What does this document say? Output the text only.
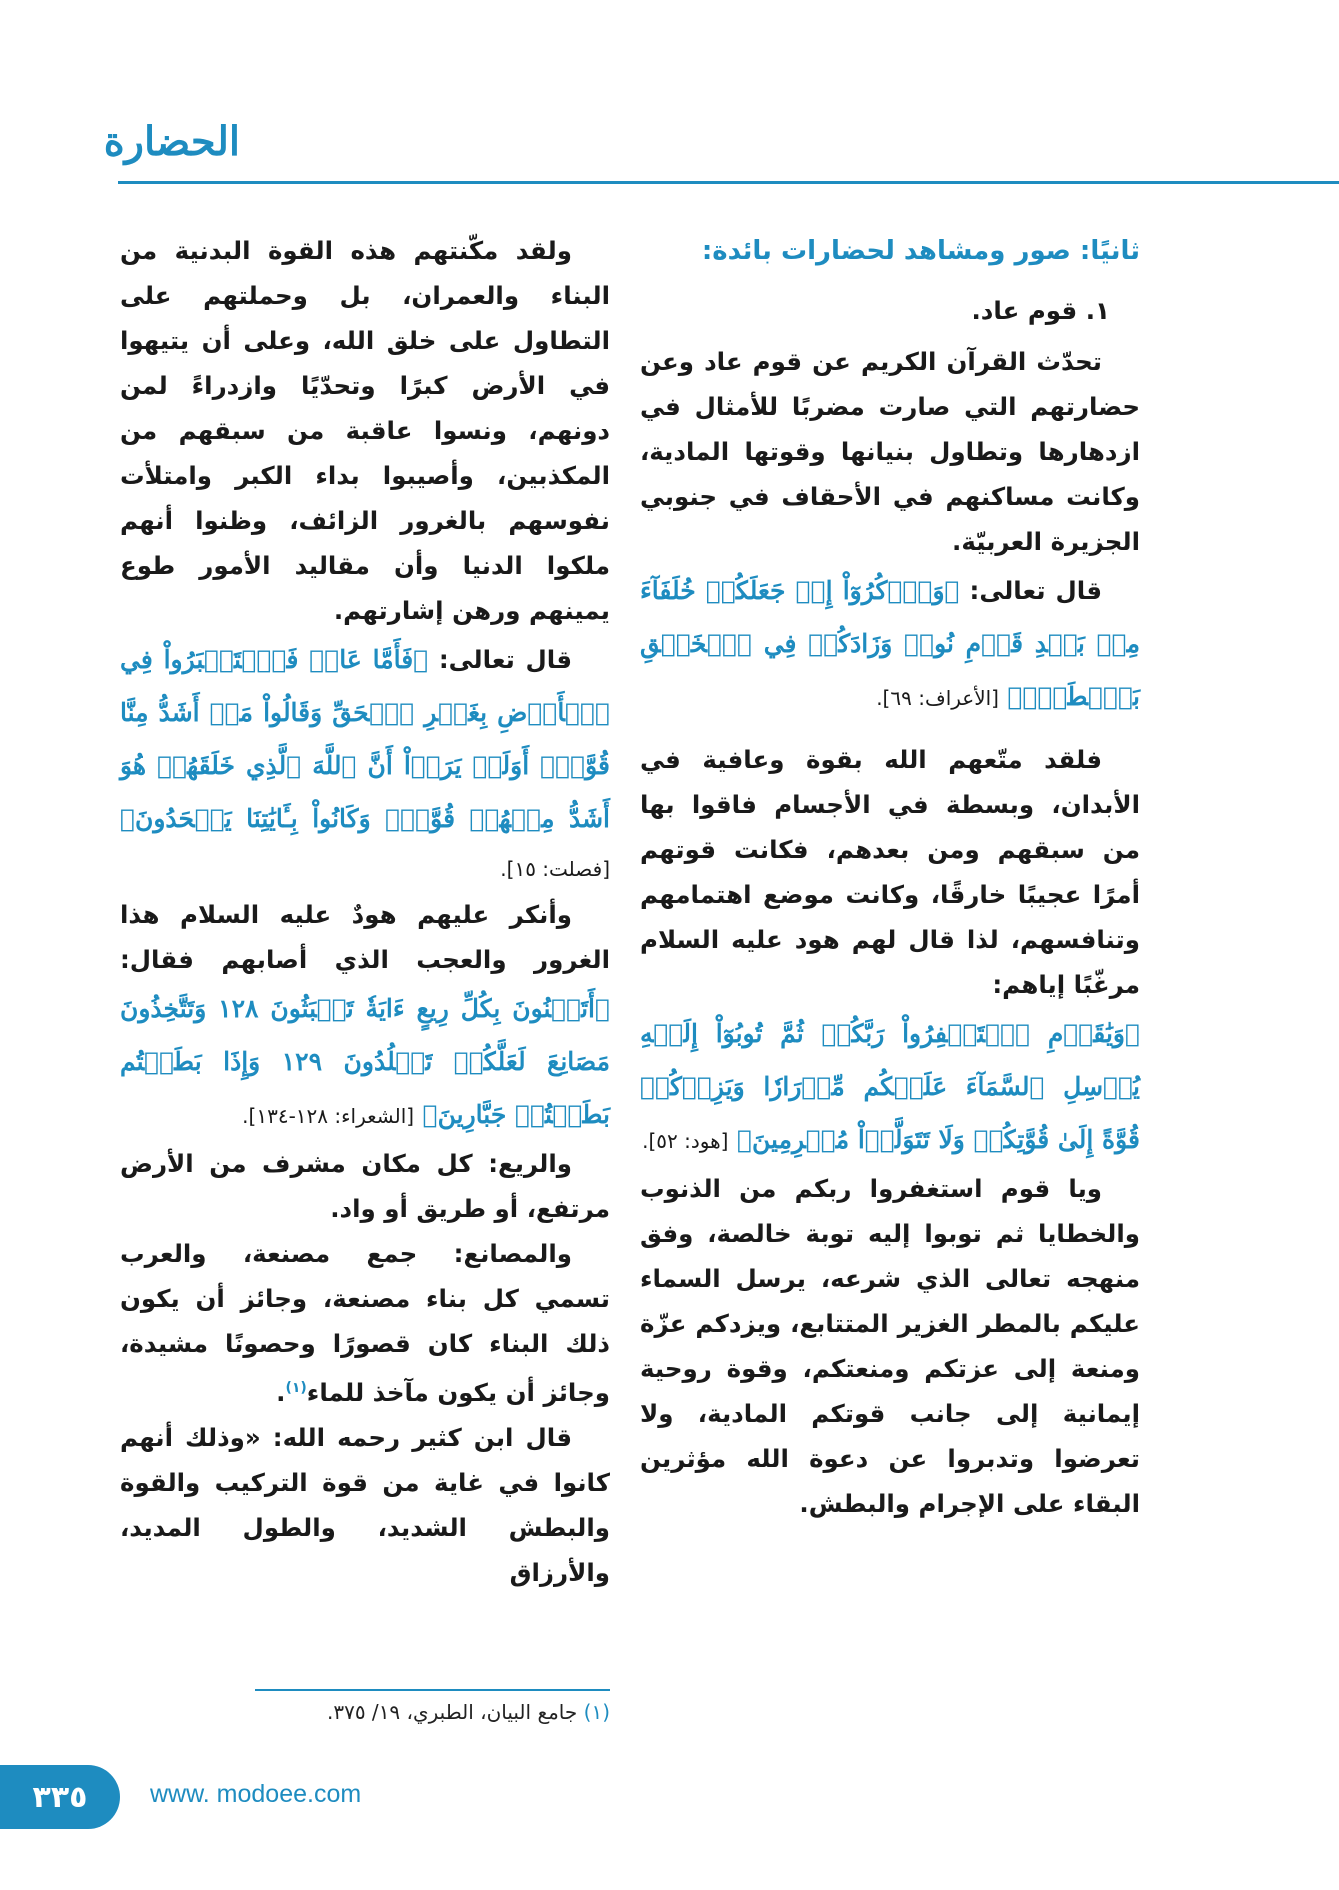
الحضارة

ثانيًا: صور ومشاهد لحضارات بائدة:

١. قوم عاد.

تحدّث القرآن الكريم عن قوم عاد وعن حضارتهم التي صارت مضربًا للأمثال في ازدهارها وتطاول بنيانها وقوتها المادية، وكانت مساكنهم في الأحقاف في جنوبي الجزيرة العربيّة.

قال تعالى: ﴿وَٱذۡكُرُوٓاْ إِذۡ جَعَلَكُمۡ خُلَفَآءَ مِنۢ بَعۡدِ قَوۡمِ نُوحٖ وَزَادَكُمۡ فِي ٱلۡخَلۡقِ بَصۜۡطَةٗۖ﴾ [الأعراف: ٦٩].

فلقد متّعهم الله بقوة وعافية في الأبدان، وبسطة في الأجسام فاقوا بها من سبقهم ومن بعدهم، فكانت قوتهم أمرًا عجيبًا خارقًا، وكانت موضع اهتمامهم وتنافسهم، لذا قال لهم هود عليه السلام مرغّبًا إياهم:

﴿وَيَٰقَوۡمِ ٱسۡتَغۡفِرُواْ رَبَّكُمۡ ثُمَّ تُوبُوٓاْ إِلَيۡهِ يُرۡسِلِ ٱلسَّمَآءَ عَلَيۡكُم مِّدۡرَارٗا وَيَزِدۡكُمۡ قُوَّةً إِلَىٰ قُوَّتِكُمۡ وَلَا تَتَوَلَّوۡاْ مُجۡرِمِينَ﴾ [هود: ٥٢].

ويا قوم استغفروا ربكم من الذنوب والخطايا ثم توبوا إليه توبة خالصة، وفق منهجه تعالى الذي شرعه، يرسل السماء عليكم بالمطر الغزير المتتابع، ويزدكم عزّة ومنعة إلى عزتكم ومنعتكم، وقوة روحية إيمانية إلى جانب قوتكم المادية، ولا تعرضوا وتدبروا عن دعوة الله مؤثرين البقاء على الإجرام والبطش.

ولقد مكّنتهم هذه القوة البدنية من البناء والعمران، بل وحملتهم على التطاول على خلق الله، وعلى أن يتيهوا في الأرض كبرًا وتحدّيًا وازدراءً لمن دونهم، ونسوا عاقبة من سبقهم من المكذبين، وأصيبوا بداء الكبر وامتلأت نفوسهم بالغرور الزائف، وظنوا أنهم ملكوا الدنيا وأن مقاليد الأمور طوع يمينهم ورهن إشارتهم.

قال تعالى: ﴿فَأَمَّا عَادٞ فَٱسۡتَكۡبَرُواْ فِي ٱلۡأَرۡضِ بِغَيۡرِ ٱلۡحَقِّ وَقَالُواْ مَنۡ أَشَدُّ مِنَّا قُوَّةًۖ أَوَلَمۡ يَرَوۡاْ أَنَّ ٱللَّهَ ٱلَّذِي خَلَقَهُمۡ هُوَ أَشَدُّ مِنۡهُمۡ قُوَّةٗۖ وَكَانُواْ بِـَٔايَٰتِنَا يَجۡحَدُونَ﴾ [فصلت: ١٥].

وأنكر عليهم هودٌ عليه السلام هذا الغرور والعجب الذي أصابهم فقال: ﴿أَتَبۡنُونَ بِكُلِّ رِيعٍ ءَايَةٗ تَعۡبَثُونَ ١٢٨ وَتَتَّخِذُونَ مَصَانِعَ لَعَلَّكُمۡ تَخۡلُدُونَ ١٢٩ وَإِذَا بَطَشۡتُم بَطَشۡتُمۡ جَبَّارِينَ﴾ [الشعراء: ١٢٨-١٣٤].

والريع: كل مكان مشرف من الأرض مرتفع، أو طريق أو واد.

والمصانع: جمع مصنعة، والعرب تسمي كل بناء مصنعة، وجائز أن يكون ذلك البناء كان قصورًا وحصونًا مشيدة، وجائز أن يكون مآخذ للماء$^{(١)}$.

قال ابن كثير رحمه الله: «وذلك أنهم كانوا في غاية من قوة التركيب والقوة والبطش الشديد، والطول المديد، والأرزاق

(١) جامع البيان، الطبري، ١٩/ ٣٧٥.
٣٣٥	www. modoee.com
